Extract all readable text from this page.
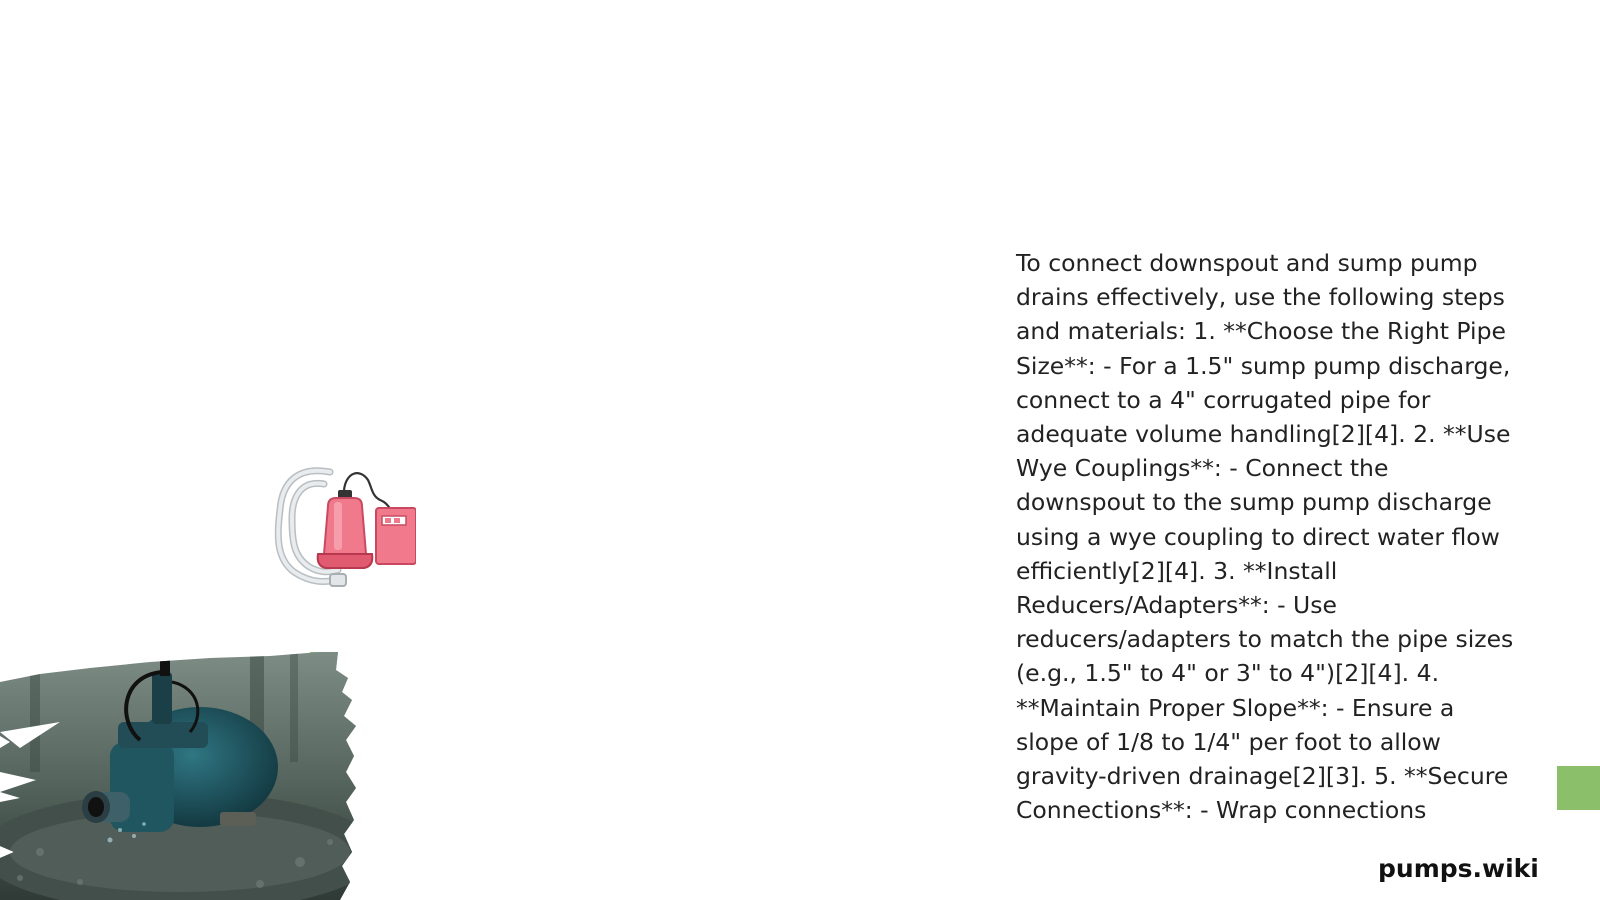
To connect downspout and sump pump drains effectively, use the following steps and materials: 1. **Choose the Right Pipe Size**: - For a 1.5" sump pump discharge, connect to a 4" corrugated pipe for adequate volume handling[2][4]. 2. **Use Wye Couplings**: - Connect the downspout to the sump pump discharge using a wye coupling to direct water flow efficiently[2][4]. 3. **Install Reducers/Adapters**: - Use reducers/adapters to match the pipe sizes (e.g., 1.5" to 4" or 3" to 4")[2][4]. 4. **Maintain Proper Slope**: - Ensure a slope of 1/8 to 1/4" per foot to allow gravity-driven drainage[2][3]. 5. **Secure Connections**: - Wrap connections

pumps.wiki
